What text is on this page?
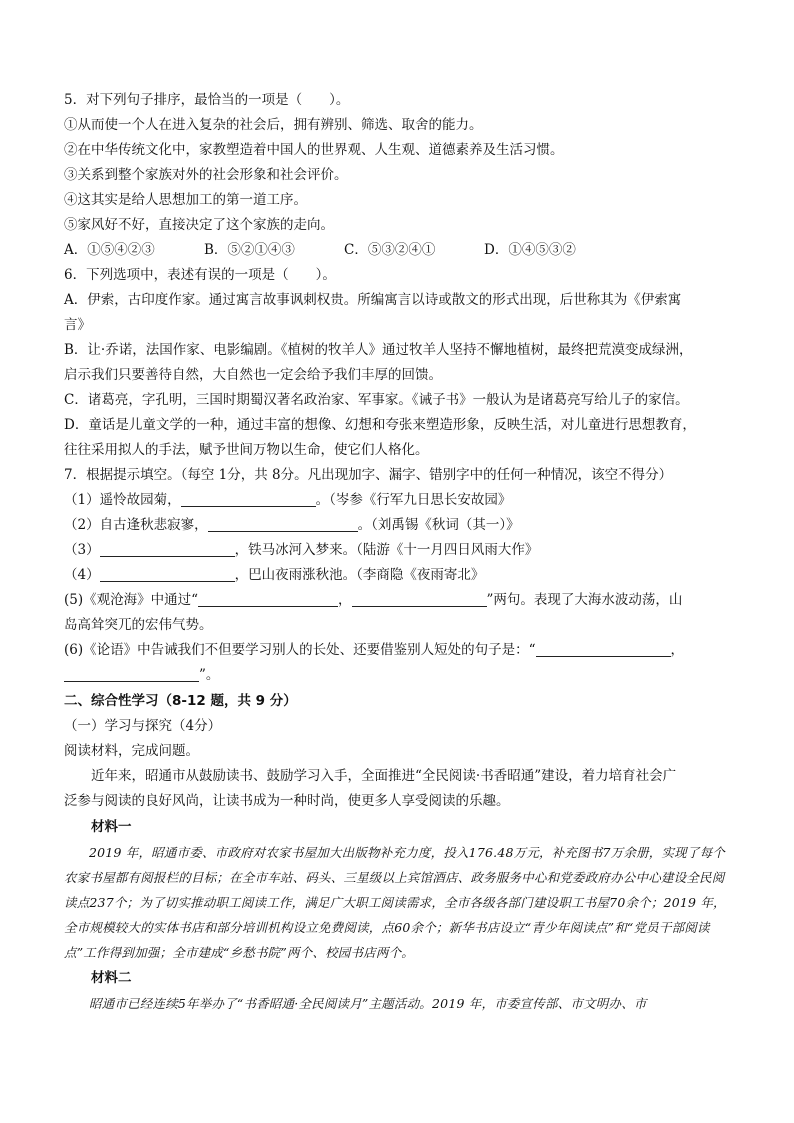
5．对下列句子排序，最恰当的一项是（　　）。
①从而使一个人在进入复杂的社会后，拥有辨别、筛选、取舍的能力。
②在中华传统文化中，家教塑造着中国人的世界观、人生观、道德素养及生活习惯。
③关系到整个家族对外的社会形象和社会评价。
④这其实是给人思想加工的第一道工序。
⑤家风好不好，直接决定了这个家族的走向。
A．①⑤④②③	B．⑤②①④③	C．⑤③②④①	D．①④⑤③②
6．下列选项中，表述有误的一项是（　　）。
A．伊索，古印度作家。通过寓言故事讽刺权贵。所编寓言以诗或散文的形式出现，后世称其为《伊索寓
言》
B．让·乔诺，法国作家、电影编剧。《植树的牧羊人》通过牧羊人坚持不懈地植树，最终把荒漠变成绿洲，
启示我们只要善待自然，大自然也一定会给予我们丰厚的回馈。
C．诸葛亮，字孔明，三国时期蜀汉著名政治家、军事家。《诫子书》一般认为是诸葛亮写给儿子的家信。
D．童话是儿童文学的一种，通过丰富的想像、幻想和夸张来塑造形象，反映生活，对儿童进行思想教育，
往往采用拟人的手法，赋予世间万物以生命，使它们人格化。
7．根据提示填空。（每空 1分，共 8分。凡出现加字、漏字、错别字中的任何一种情况，该空不得分）
（1）遥怜故园菊，	。（岑参《行军九日思长安故园》
（2）自古逢秋悲寂寥，	。（刘禹锡《秋词（其一）》
（3）	，铁马冰河入梦来。（陆游《十一月四日风雨大作》
（4）	，巴山夜雨涨秋池。（李商隐《夜雨寄北》
(5)《观沧海》中通过“	，	”两句。表现了大海水波动荡，山
岛高耸突兀的宏伟气势。
(6)《论语》中告诫我们不但要学习别人的长处、还要借鉴别人短处的句子是：“	，
”。
二、综合性学习（8-12 题，共 9 分）
（一）学习与探究（4分）
阅读材料，完成问题。
近年来，昭通市从鼓励读书、鼓励学习入手，全面推进“全民阅读·书香昭通”建设，着力培育社会广
泛参与阅读的良好风尚，让读书成为一种时尚，使更多人享受阅读的乐趣。
材料一
2019 年，昭通市委、市政府对农家书屋加大出版物补充力度，投入176.48万元，补充图书7万余册，实现了每个农家书屋都有阅报栏的目标；在全市车站、码头、三星级以上宾馆酒店、政务服务中心和党委政府办公中心建设全民阅读点237个；为了切实推动职工阅读工作，满足广大职工阅读需求，全市各级各部门建设职工书屋70余个；2019 年，全市规模较大的实体书店和部分培训机构设立免费阅读，点60余个；新华书店设立“青少年阅读点”和“党员干部阅读点”工作得到加强；全市建成“乡愁书院”两个、校园书店两个。
材料二
昭通市已经连续5年举办了“书香昭通·全民阅读月”主题活动。2019 年，市委宣传部、市文明办、市
